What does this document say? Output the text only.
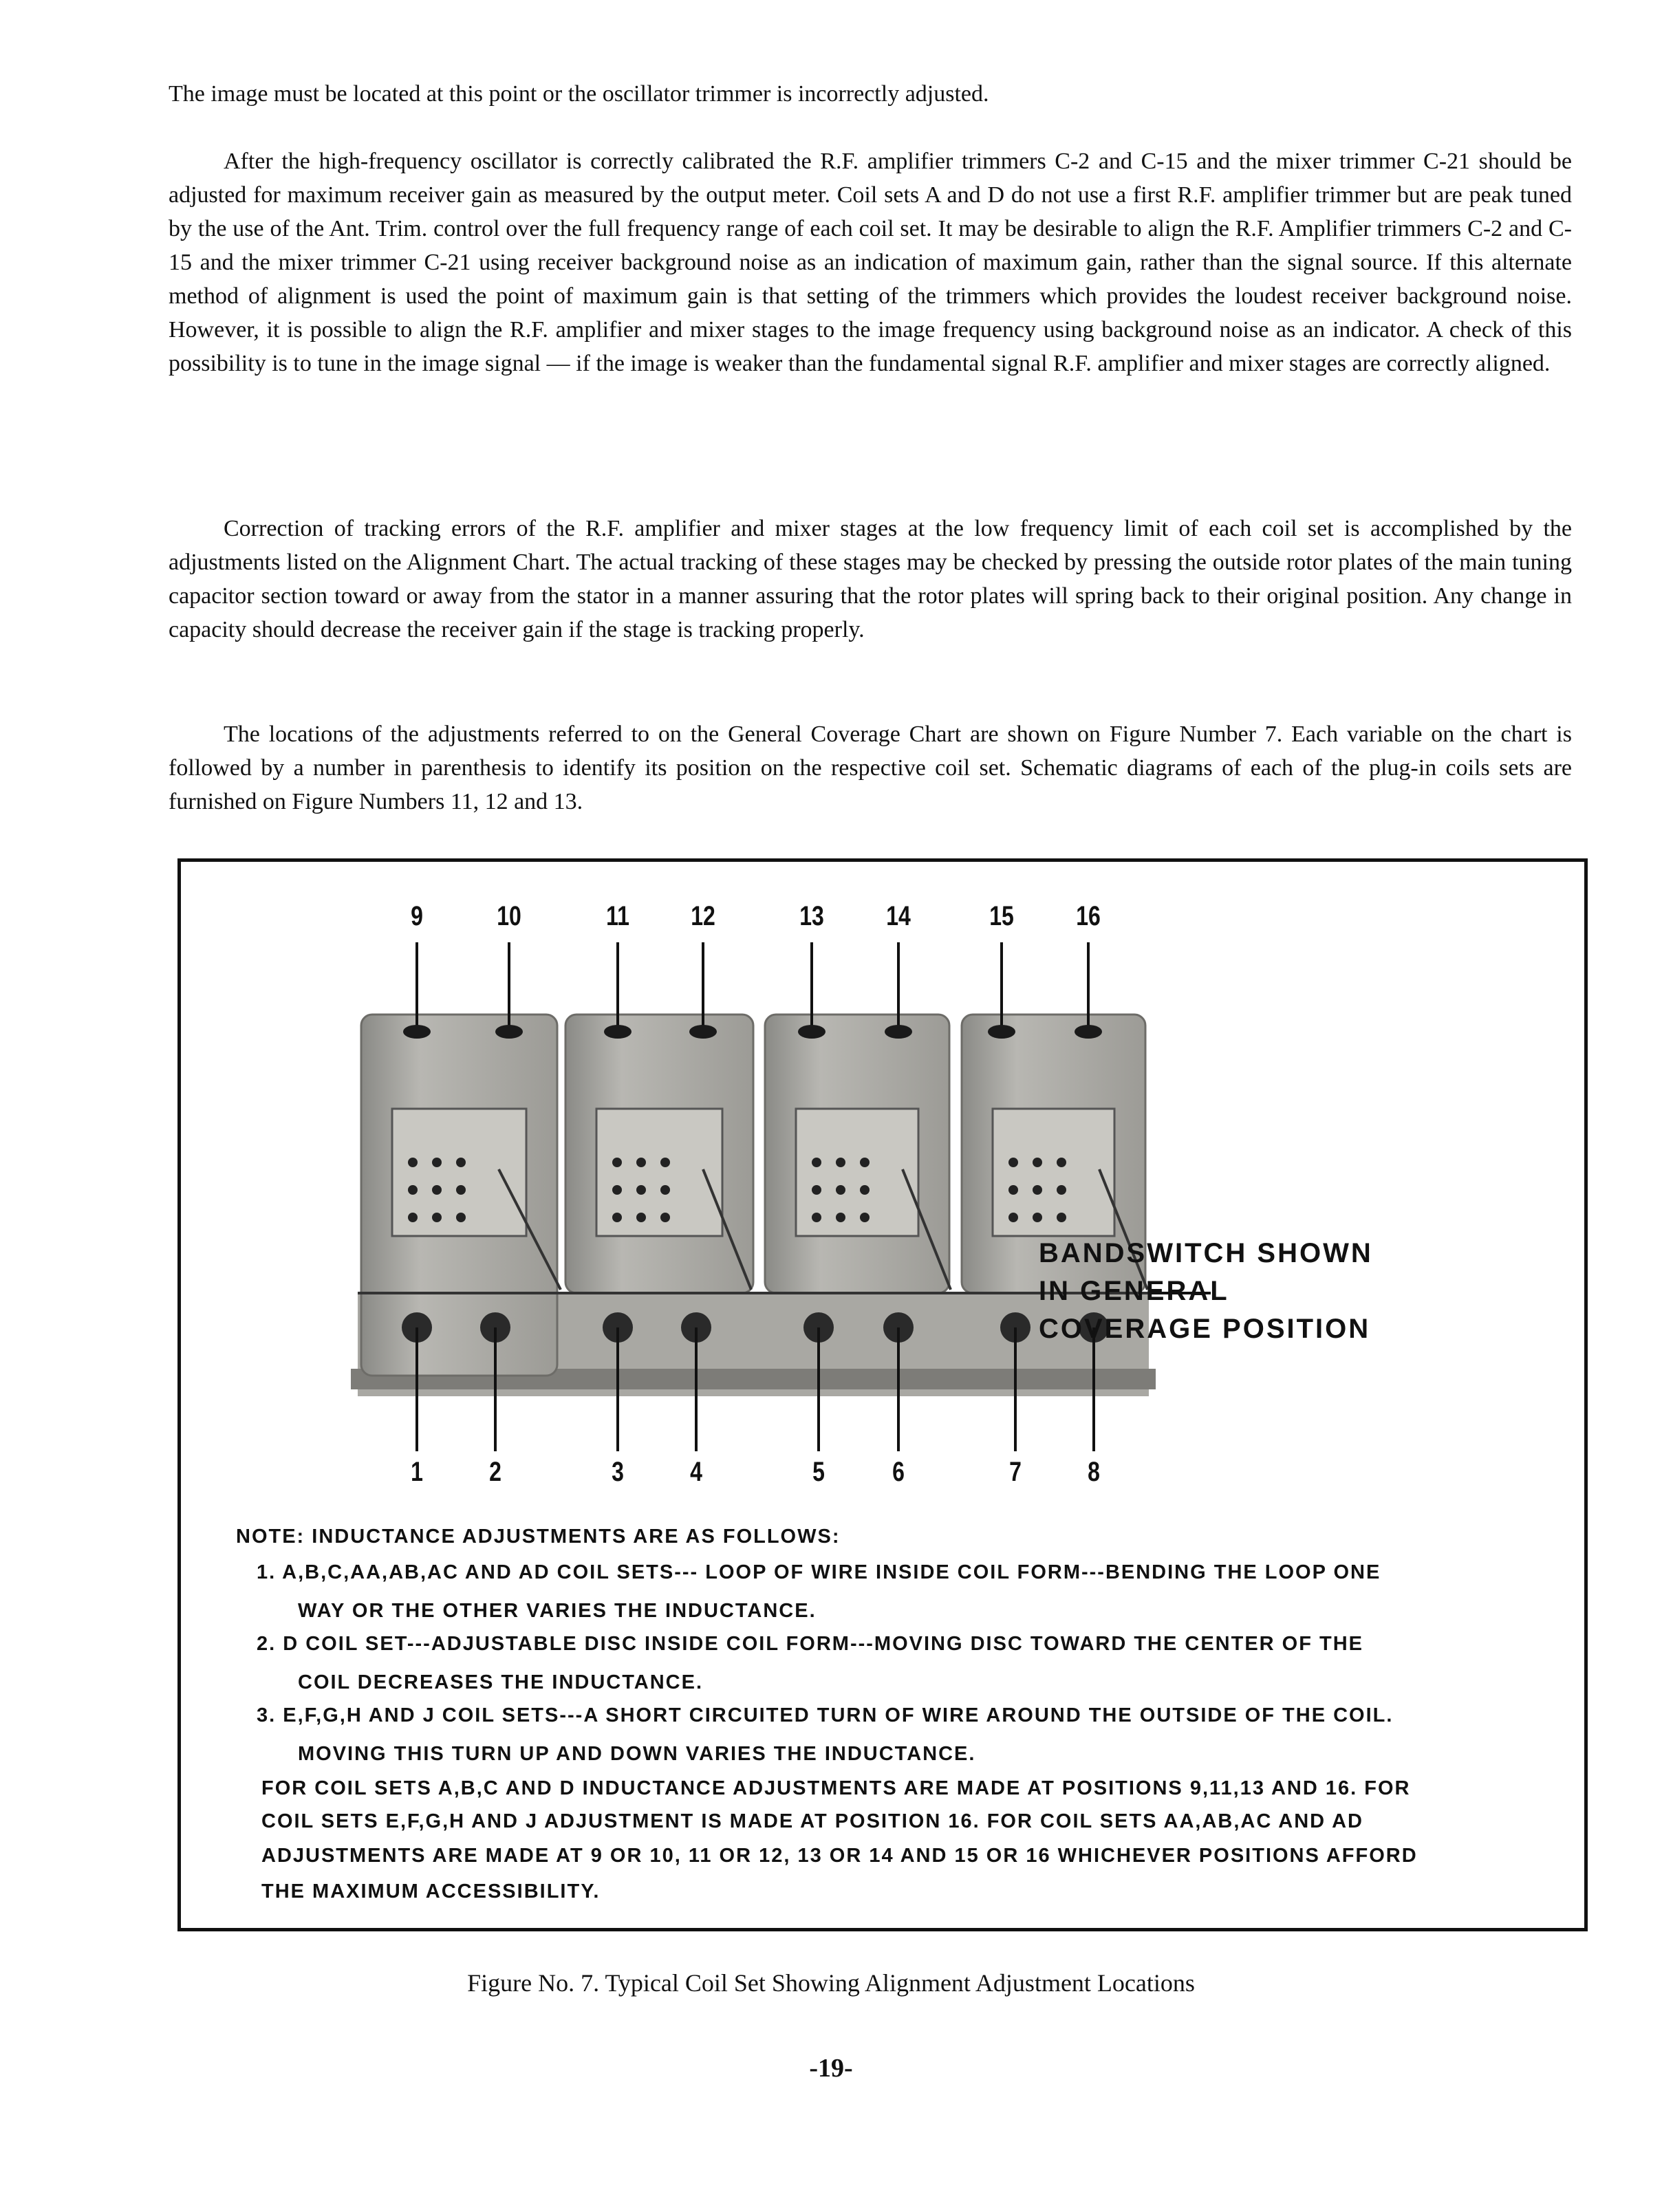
The image must be located at this point or the oscillator trimmer is incorrectly adjusted.
After the high-frequency oscillator is correctly calibrated the R.F. amplifier trimmers C-2 and C-15 and the mixer trimmer C-21 should be adjusted for maximum receiver gain as measured by the output meter. Coil sets A and D do not use a first R.F. amplifier trimmer but are peak tuned by the use of the Ant. Trim. control over the full frequency range of each coil set. It may be desirable to align the R.F. Amplifier trimmers C-2 and C-15 and the mixer trimmer C-21 using receiver background noise as an indication of maximum gain, rather than the signal source. If this alternate method of alignment is used the point of maximum gain is that setting of the trimmers which provides the loudest receiver background noise. However, it is possible to align the R.F. amplifier and mixer stages to the image frequency using background noise as an indicator. A check of this possibility is to tune in the image signal — if the image is weaker than the fundamental signal R.F. amplifier and mixer stages are correctly aligned.
Correction of tracking errors of the R.F. amplifier and mixer stages at the low frequency limit of each coil set is accomplished by the adjustments listed on the Alignment Chart. The actual tracking of these stages may be checked by pressing the outside rotor plates of the main tuning capacitor section toward or away from the stator in a manner assuring that the rotor plates will spring back to their original position. Any change in capacity should decrease the receiver gain if the stage is tracking properly.
The locations of the adjustments referred to on the General Coverage Chart are shown on Figure Number 7. Each variable on the chart is followed by a number in parenthesis to identify its position on the respective coil set. Schematic diagrams of each of the plug-in coils sets are furnished on Figure Numbers 11, 12 and 13.
9	10	11 12	13 14	15 16
1	2	3	4	5	6	7	8
BANDSWITCH SHOWN
IN GENERAL
COVERAGE POSITION
NOTE: INDUCTANCE ADJUSTMENTS ARE AS FOLLOWS:
1. A,B,C,AA,AB,AC AND AD COIL SETS--- LOOP OF WIRE INSIDE COIL FORM---BENDING THE LOOP ONE
WAY OR THE OTHER VARIES THE INDUCTANCE.
2. D COIL SET---ADJUSTABLE DISC INSIDE COIL FORM---MOVING DISC TOWARD THE CENTER OF THE
COIL DECREASES THE INDUCTANCE.
3. E,F,G,H AND J COIL SETS---A SHORT CIRCUITED TURN OF WIRE AROUND THE OUTSIDE OF THE COIL.
MOVING THIS TURN UP AND DOWN VARIES THE INDUCTANCE.
FOR COIL SETS A,B,C AND D INDUCTANCE ADJUSTMENTS ARE MADE AT POSITIONS 9,11,13 AND 16. FOR
COIL SETS E,F,G,H AND J ADJUSTMENT IS MADE AT POSITION 16. FOR COIL SETS AA,AB,AC AND AD
ADJUSTMENTS ARE MADE AT 9 OR 10, 11 OR 12, 13 OR 14 AND 15 OR 16 WHICHEVER POSITIONS AFFORD
THE MAXIMUM ACCESSIBILITY.
Figure No. 7. Typical Coil Set Showing Alignment Adjustment Locations
-19-
